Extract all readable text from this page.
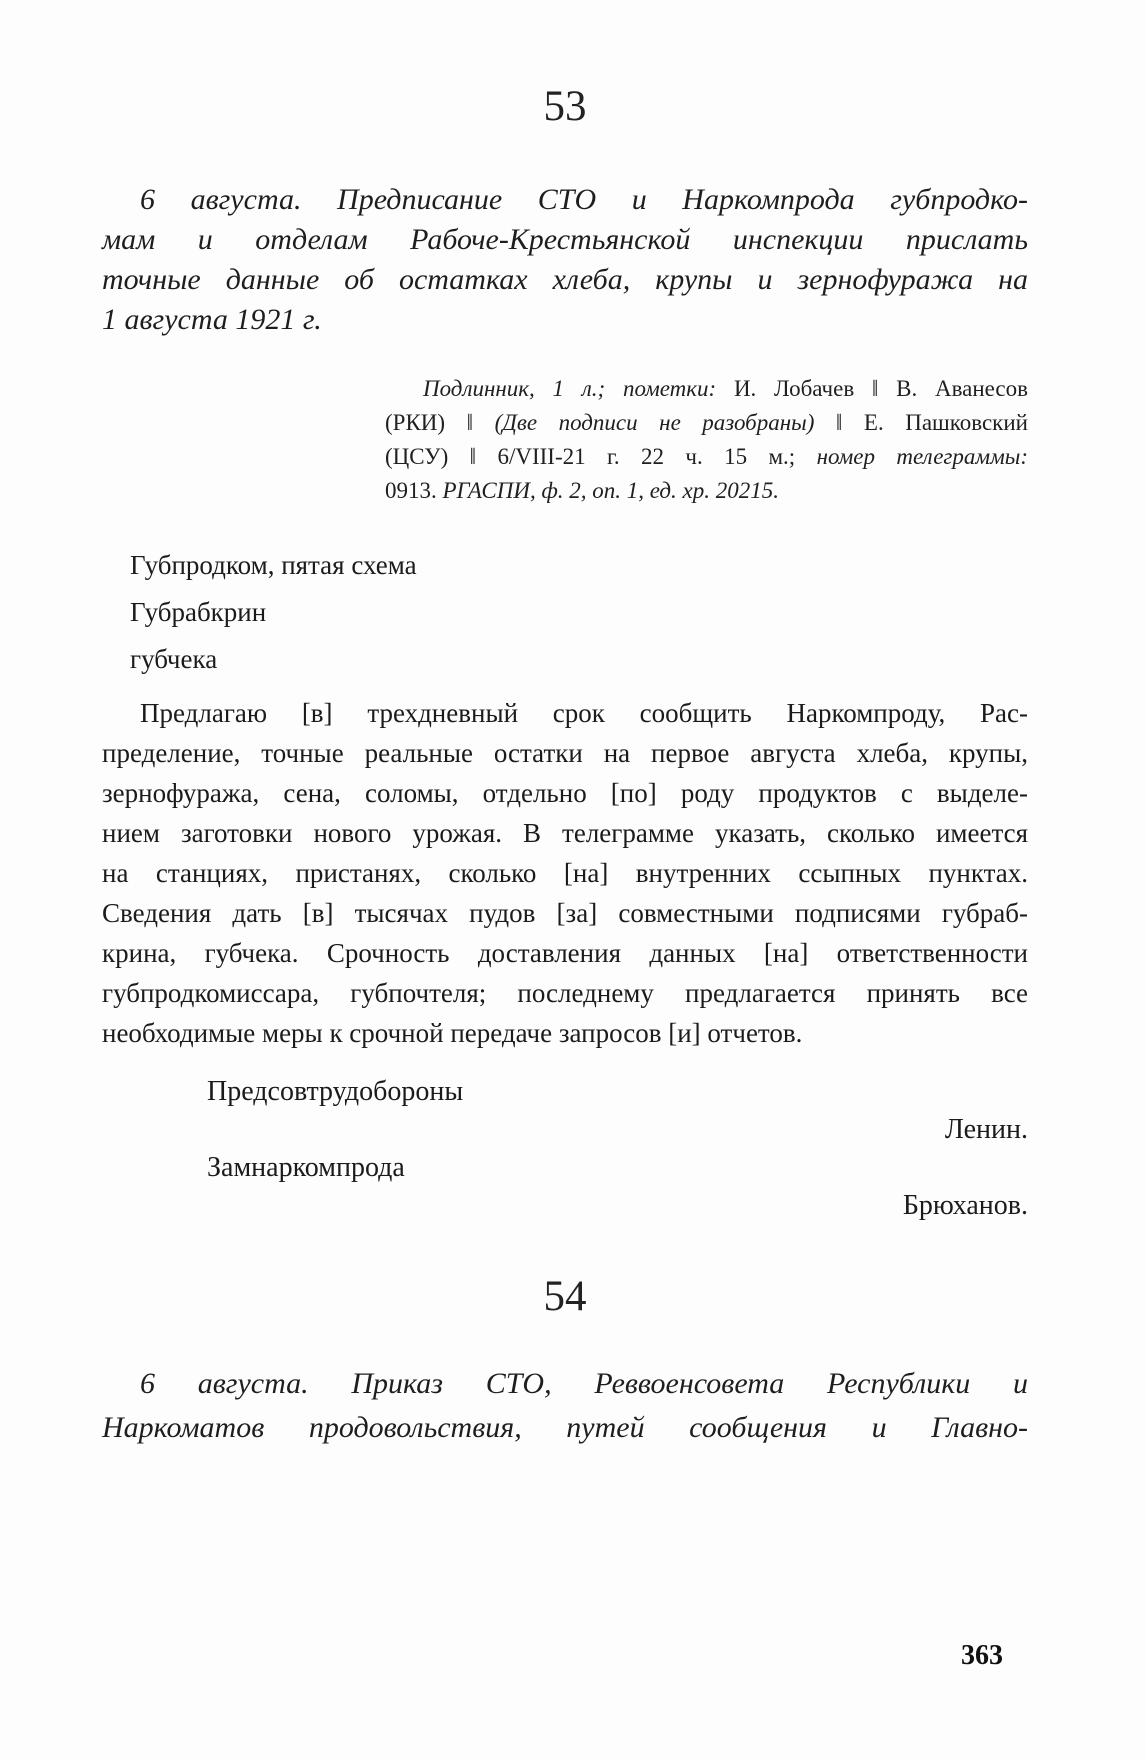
53
6 августа. Предписание СТО и Наркомпрода губпродко-
мам и отделам Рабоче-Крестьянской инспекции прислать
точные данные об остатках хлеба, крупы и зернофуража на
1 августа 1921 г.
Подлинник, 1 л.; пометки: И. Лобачев ‖ В. Аванесов
(РКИ) ‖ (Две подписи не разобраны) ‖ Е. Пашковский
(ЦСУ) ‖ 6/VIII-21 г. 22 ч. 15 м.; номер телеграммы:
0913. РГАСПИ, ф. 2, оп. 1, ед. хр. 20215.
Губпродком, пятая схема
Губрабкрин
губчека
Предлагаю [в] трехдневный срок сообщить Наркомпроду, Рас-
пределение, точные реальные остатки на первое августа хлеба, крупы,
зернофуража, сена, соломы, отдельно [по] роду продуктов с выделе-
нием заготовки нового урожая. В телеграмме указать, сколько имеется
на станциях, пристанях, сколько [на] внутренних ссыпных пунктах.
Сведения дать [в] тысячах пудов [за] совместными подписями губраб-
крина, губчека. Срочность доставления данных [на] ответственности
губпродкомиссара, губпочтеля; последнему предлагается принять все
необходимые меры к срочной передаче запросов [и] отчетов.
Предсовтрудобороны
Ленин.
Замнаркомпрода
Брюханов.
54
6 августа. Приказ СТО, Реввоенсовета Республики и
Наркоматов продовольствия, путей сообщения и Главно-
363
